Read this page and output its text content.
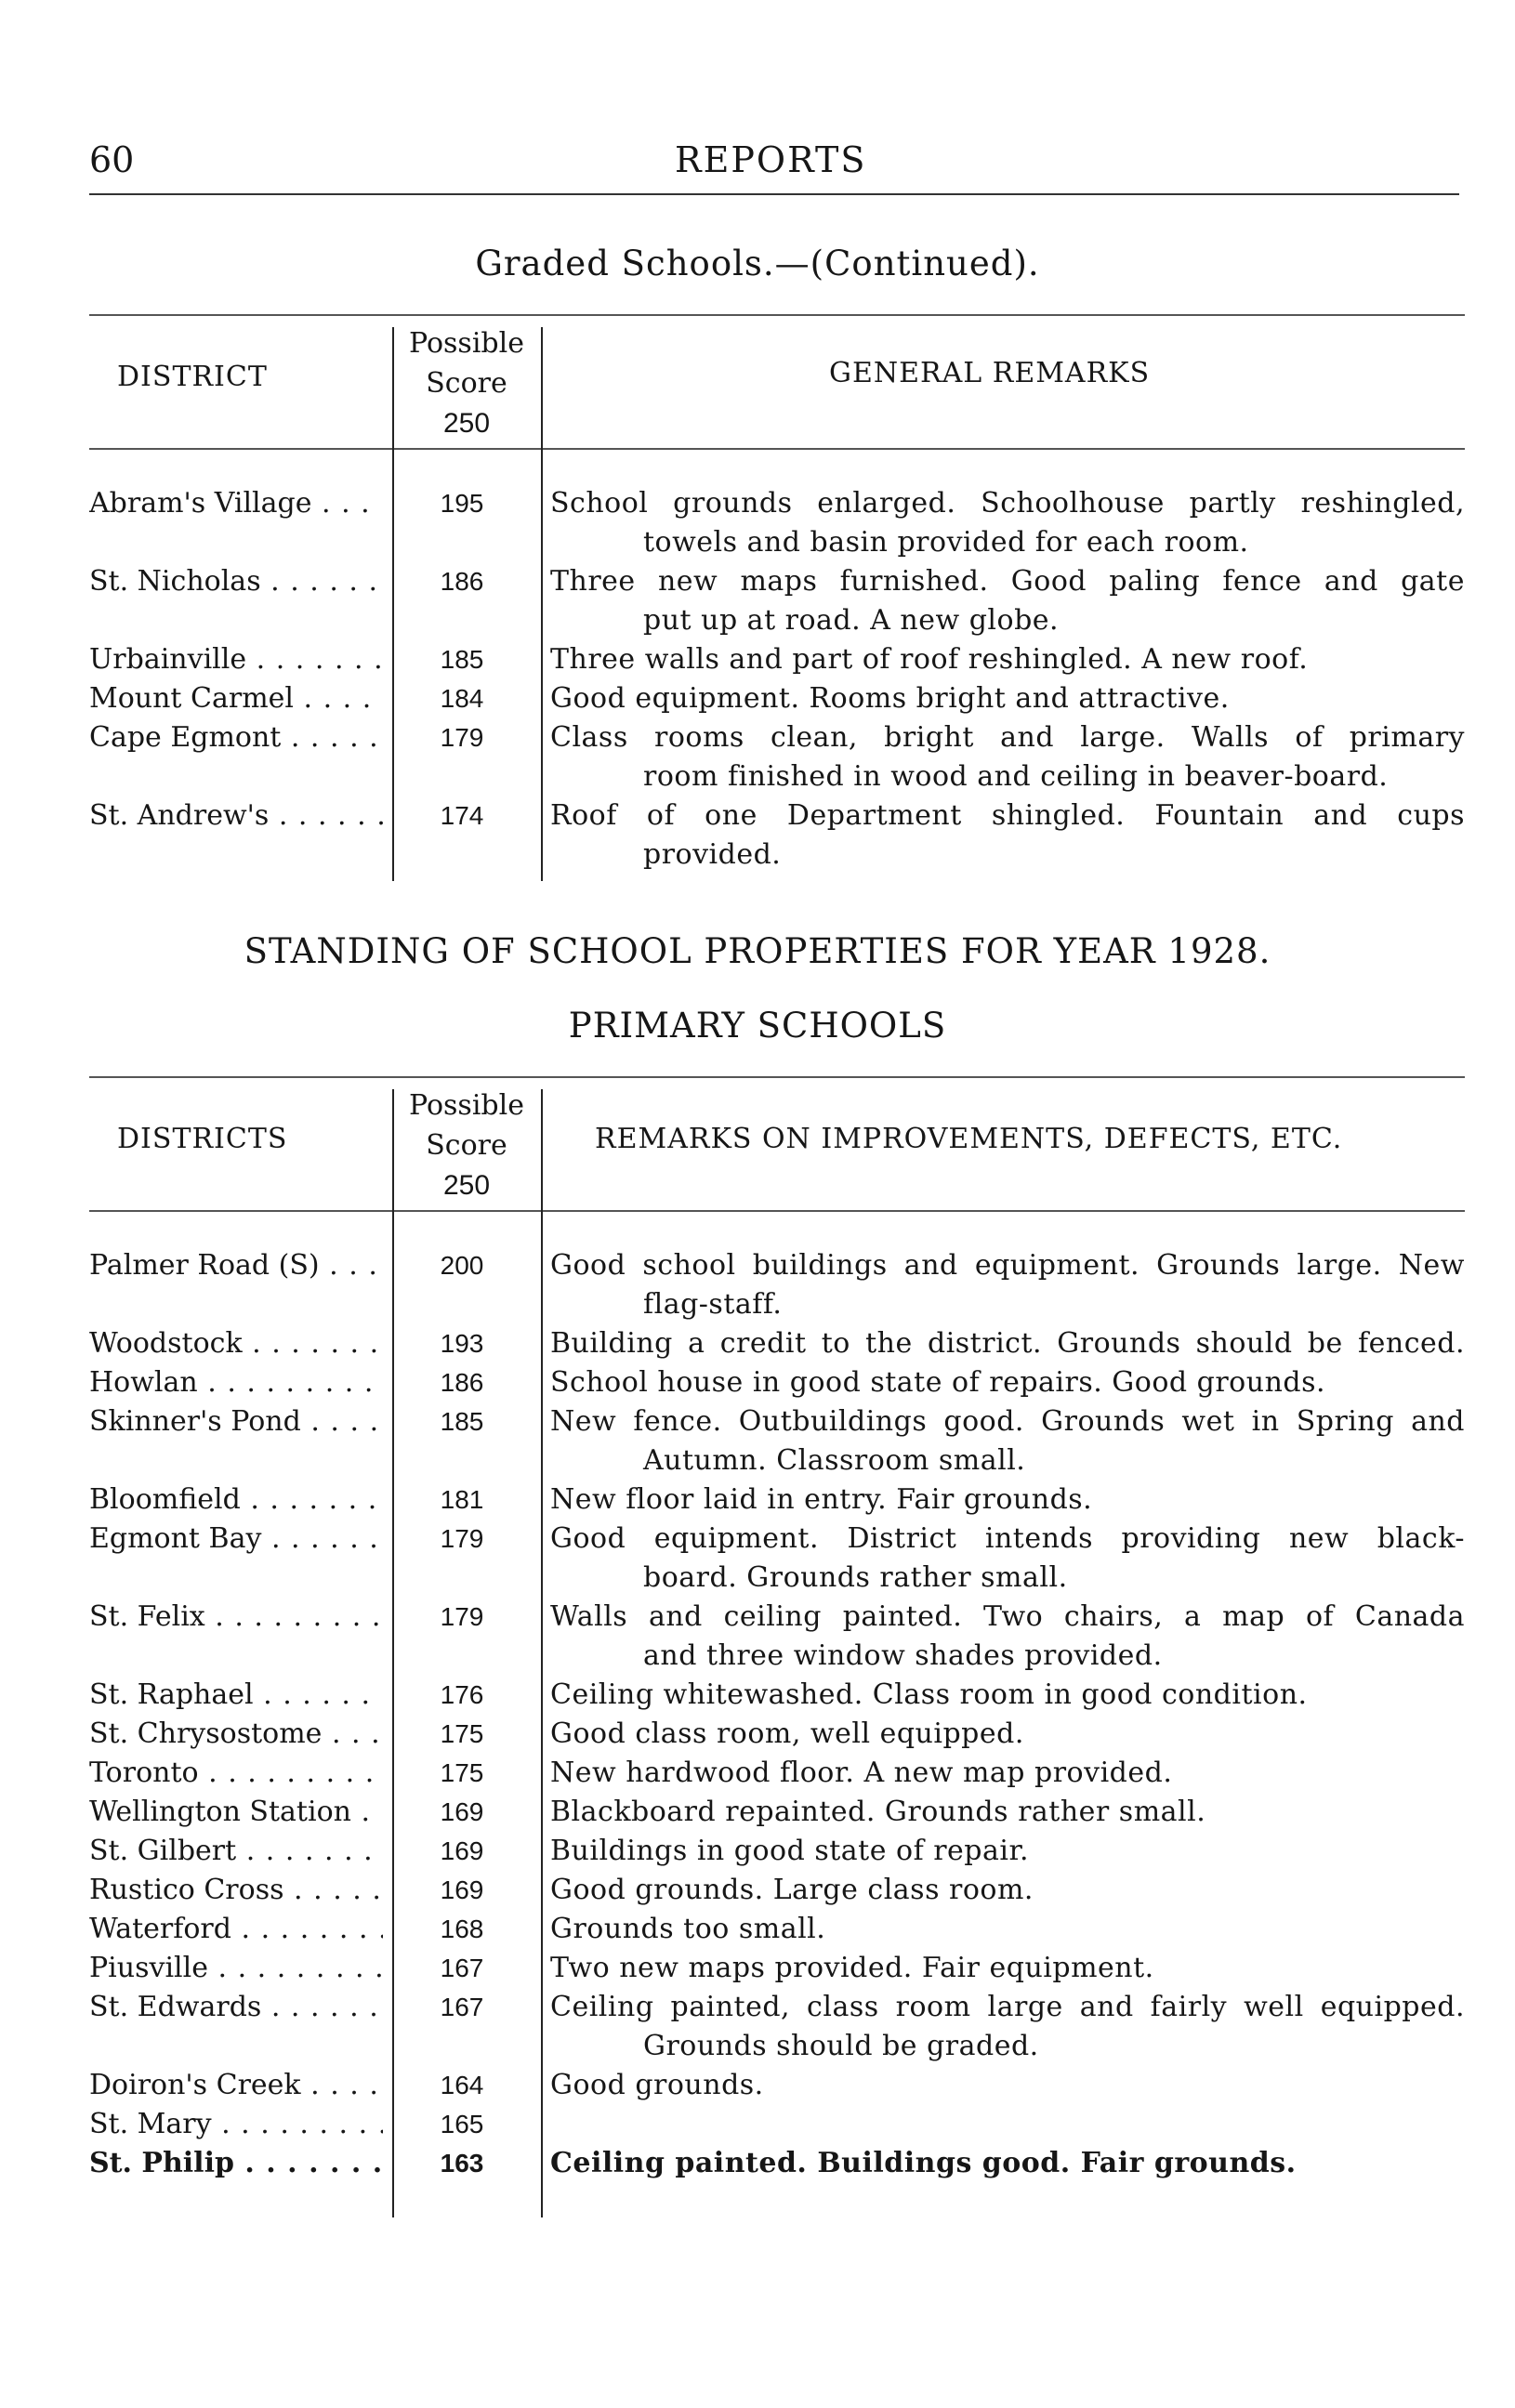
60	REPORTS
Graded Schools.—(Continued).
DISTRICT
Possible
Score
250
GENERAL REMARKS
Abram's Village . . .	195	School grounds enlarged. Schoolhouse partly reshingled,
towels and basin provided for each room.
St. Nicholas . . .	186	Three new maps furnished. Good paling fence and gate
put up at road. A new globe.
Urbainville . . .	185	Three walls and part of roof reshingled. A new roof.
Mount Carmel . . .	184	Good equipment. Rooms bright and attractive.
Cape Egmont . . .	179	Class rooms clean, bright and large. Walls of primary
room finished in wood and ceiling in beaver-board.
St. Andrew's . . .	174	Roof of one Department shingled. Fountain and cups
provided.
STANDING OF SCHOOL PROPERTIES FOR YEAR 1928.
PRIMARY SCHOOLS
DISTRICTS
Possible
Score
250
REMARKS ON IMPROVEMENTS, DEFECTS, ETC.
Palmer Road (S) . . .	200	Good school buildings and equipment. Grounds large. New
flag-staff.
Woodstock . . .	193	Building a credit to the district. Grounds should be fenced.
Howlan . . .	186	School house in good state of repairs. Good grounds.
Skinner's Pond . . .	185	New fence. Outbuildings good. Grounds wet in Spring and
Autumn. Classroom small.
Bloomfield . . .	181	New floor laid in entry. Fair grounds.
Egmont Bay . . .	179	Good equipment. District intends providing new black-
board. Grounds rather small.
St. Felix . . .	179	Walls and ceiling painted. Two chairs, a map of Canada
and three window shades provided.
St. Raphael . . .	176	Ceiling whitewashed. Class room in good condition.
St. Chrysostome . . .	175	Good class room, well equipped.
Toronto . . .	175	New hardwood floor. A new map provided.
Wellington Station . . .	169	Blackboard repainted. Grounds rather small.
St. Gilbert . . .	169	Buildings in good state of repair.
Rustico Cross . . .	169	Good grounds. Large class room.
Waterford . . .	168	Grounds too small.
Piusville . . .	167	Two new maps provided. Fair equipment.
St. Edwards . . .	167	Ceiling painted, class room large and fairly well equipped.
Grounds should be graded.
Doiron's Creek . . .	164	Good grounds.
St. Mary . . .	165
St. Philip . . .	163	Ceiling painted. Buildings good. Fair grounds.
